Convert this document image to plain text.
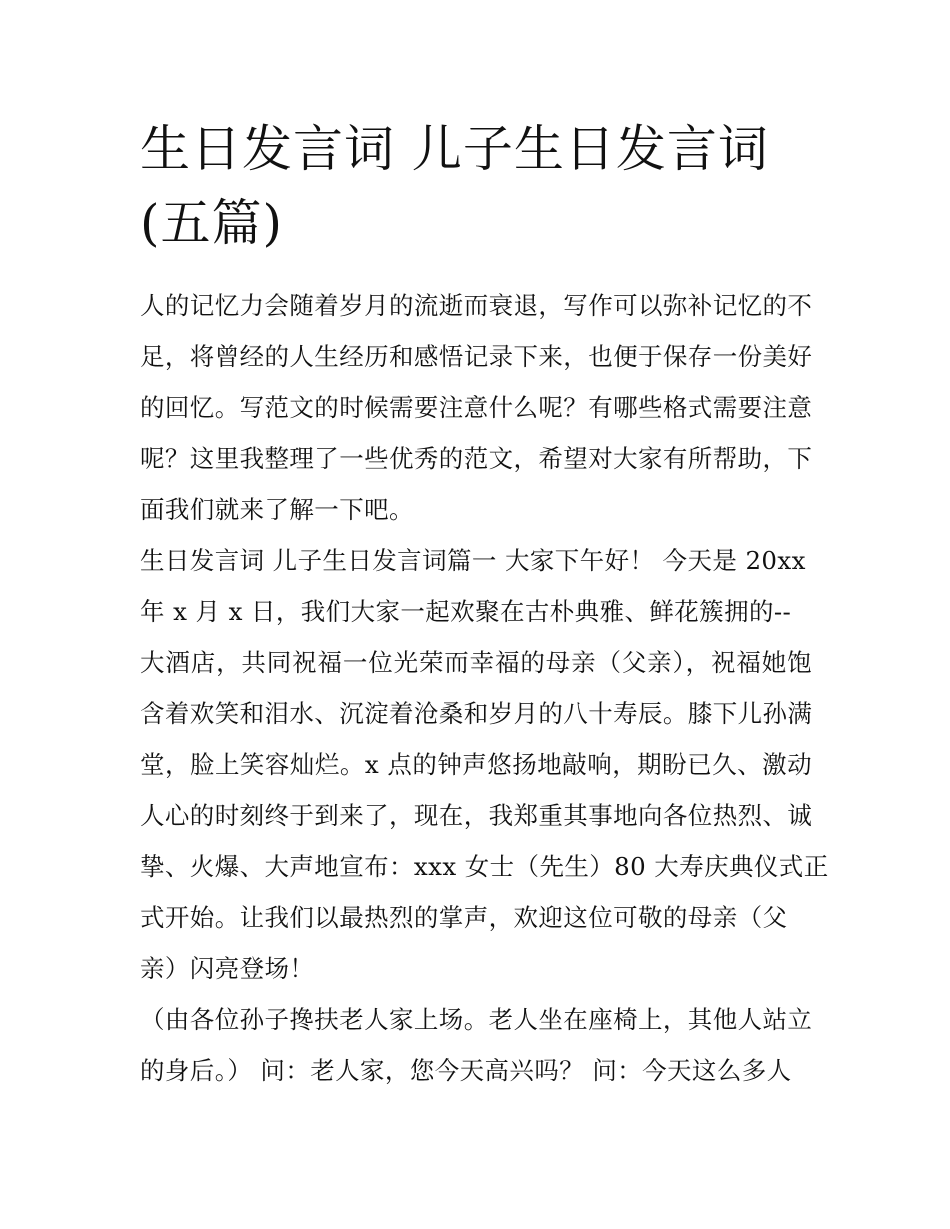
生日发言词 儿子生日发言词
(五篇)
人的记忆力会随着岁月的流逝而衰退，写作可以弥补记忆的不
足，将曾经的人生经历和感悟记录下来，也便于保存一份美好
的回忆。写范文的时候需要注意什么呢？有哪些格式需要注意
呢？这里我整理了一些优秀的范文，希望对大家有所帮助，下
面我们就来了解一下吧。
生日发言词 儿子生日发言词篇一 大家下午好！ 今天是 20xx
年 x 月 x 日，我们大家一起欢聚在古朴典雅、鲜花簇拥的--
大酒店，共同祝福一位光荣而幸福的母亲（父亲），祝福她饱
含着欢笑和泪水、沉淀着沧桑和岁月的八十寿辰。膝下儿孙满
堂，脸上笑容灿烂。x 点的钟声悠扬地敲响，期盼已久、激动
人心的时刻终于到来了，现在，我郑重其事地向各位热烈、诚
挚、火爆、大声地宣布：xxx 女士（先生）80 大寿庆典仪式正
式开始。让我们以最热烈的掌声，欢迎这位可敬的母亲（父
亲）闪亮登场！
（由各位孙子搀扶老人家上场。老人坐在座椅上，其他人站立
的身后。） 问：老人家，您今天高兴吗？ 问：今天这么多人
